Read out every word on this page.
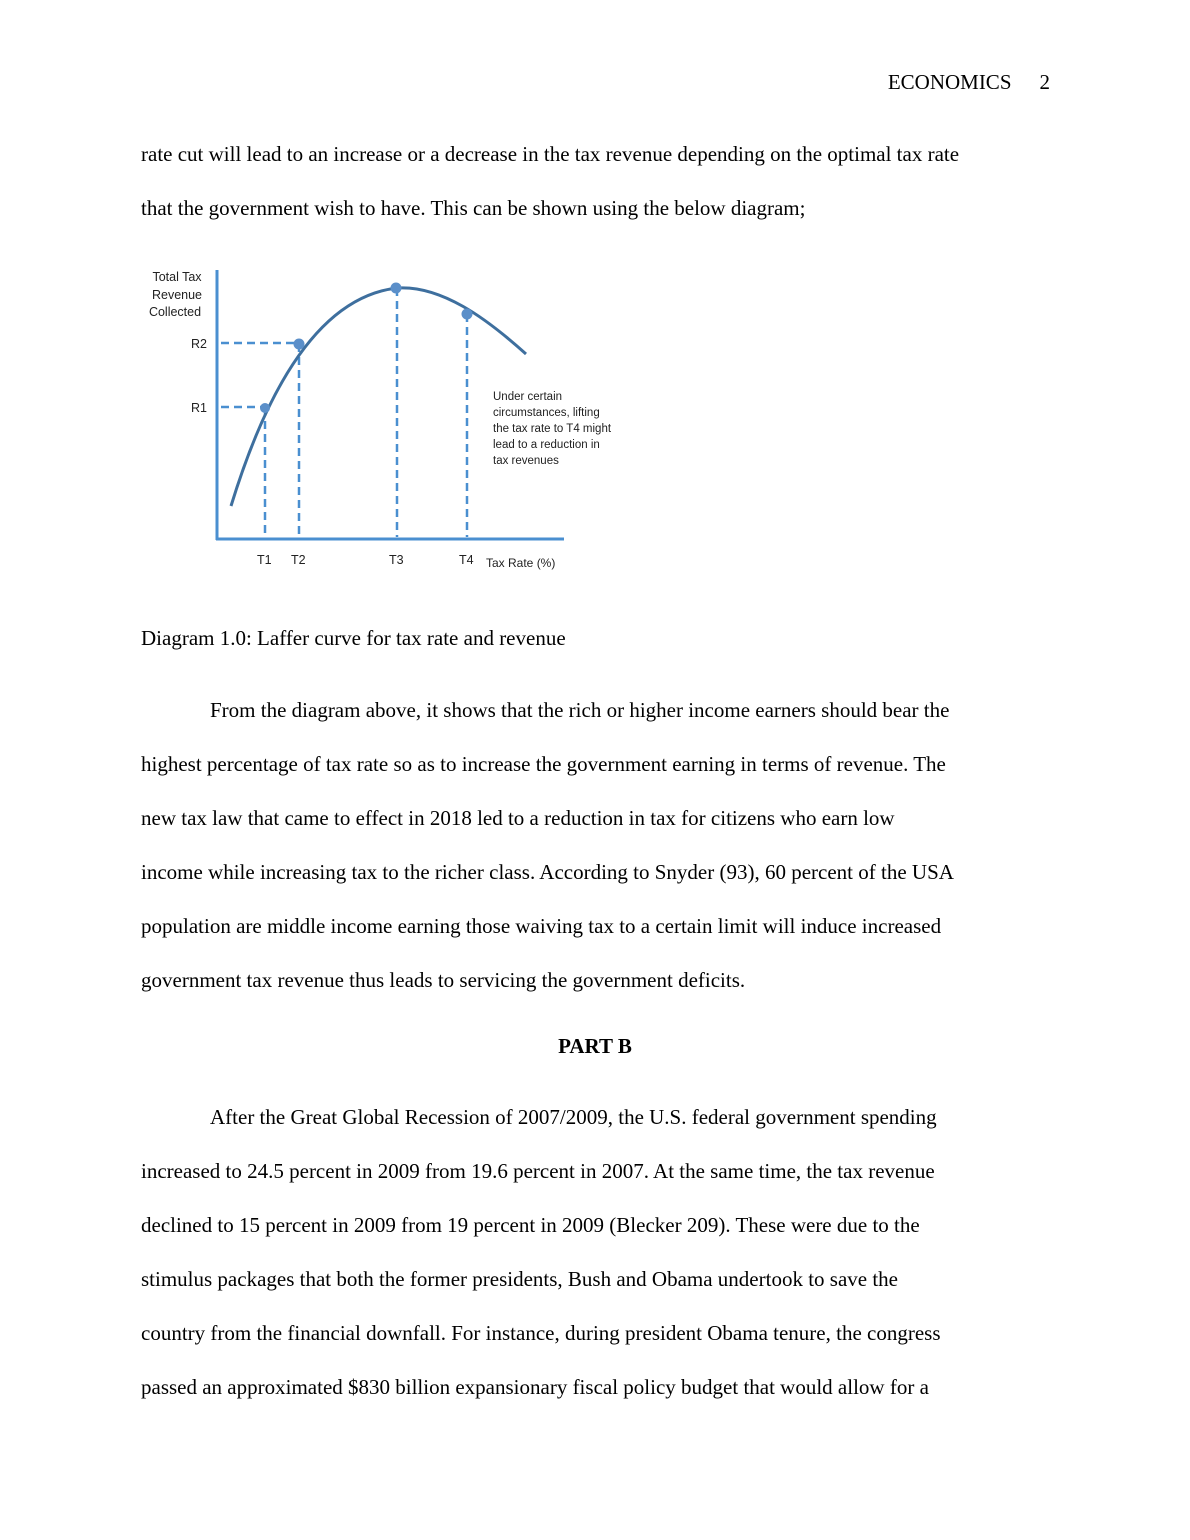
ECONOMICS 2
rate cut will lead to an increase or a decrease in the tax revenue depending on the optimal tax rate
that the government wish to have. This can be shown using the below diagram;
Total Tax
Revenue
Collected
R2
R1
T1 T2	T3	T4 Tax Rate (%)
Under certain
circumstances, lifting
the tax rate to T4 might
lead to a reduction in
tax revenues
Diagram 1.0: Laffer curve for tax rate and revenue
From the diagram above, it shows that the rich or higher income earners should bear the
highest percentage of tax rate so as to increase the government earning in terms of revenue. The
new tax law that came to effect in 2018 led to a reduction in tax for citizens who earn low
income while increasing tax to the richer class. According to Snyder (93), 60 percent of the USA
population are middle income earning those waiving tax to a certain limit will induce increased
government tax revenue thus leads to servicing the government deficits.
PART B
After the Great Global Recession of 2007/2009, the U.S. federal government spending
increased to 24.5 percent in 2009 from 19.6 percent in 2007. At the same time, the tax revenue
declined to 15 percent in 2009 from 19 percent in 2009 (Blecker 209). These were due to the
stimulus packages that both the former presidents, Bush and Obama undertook to save the
country from the financial downfall. For instance, during president Obama tenure, the congress
passed an approximated $830 billion expansionary fiscal policy budget that would allow for a
